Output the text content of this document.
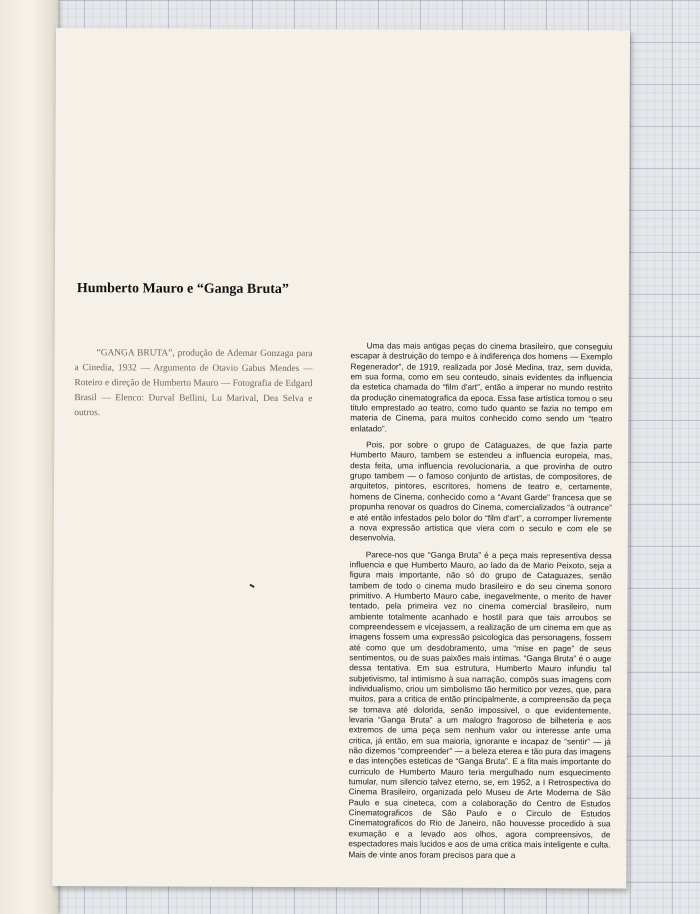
Humberto Mauro e “Ganga Bruta”

“GANGA BRUTA”, produção de Ademar Gonzaga para a Cinedia, 1932 — Argumento de Otavio Gabus Mendes — Roteiro e direção de Humberto Mauro — Fotografia de Edgard Brasil — Elenco: Durval Bellini, Lu Marival, Dea Selva e outros.

Uma das mais antigas peças do cinema brasileiro, que conseguiu escapar à destruição do tempo e à indiferença dos homens — Exemplo Regenerador”, de 1919, realizada por José Medina, traz, sem duvida, em sua forma, como em seu conteudo, sinais evidentes da influencia da estetica chamada do “film d'art”, então a imperar no mundo restrito da produção cinematografica da epoca. Essa fase artistica tomou o seu titulo emprestado ao teatro, como tudo quanto se fazia no tempo em materia de Cinema, para muitos conhecido como sendo um “teatro enlatado”.

Pois, por sobre o grupo de Cataguazes, de que fazia parte Humberto Mauro, tambem se estendeu a influencia europeia, mas, desta feita, uma influencia revolucionaria, a que provinha de outro grupo tambem — o famoso conjunto de artistas, de compositores, de arquitetos, pintores, escritores, homens de teatro e, certamente, homens de Cinema, conhecido como a “Avant Garde” francesa que se propunha renovar os quadros do Cinema, comercializados “à outrance” e até então infestados pelo bolor do “film d'art”, a corromper livremente a nova expressão artistica que viera com o seculo e com ele se desenvolvia.

Parece-nos que “Ganga Bruta” é a peça mais representiva dessa influencia e que Humberto Mauro, ao lado da de Mario Peixoto, seja a figura mais importante, não só do grupo de Cataguazes, senão tambem de todo o cinema mudo brasileiro e do seu cinema sonoro primitivo. A Humberto Mauro cabe, inegavelmente, o merito de haver tentado, pela primeira vez no cinema comercial brasileiro, num ambiente totalmente acanhado e hostil para que tais arroubos se compreendessem e vicejassem, a realização de um cinema em que as imagens fossem uma expressão psicologica das personagens, fossem até como que um desdobramento, uma “mise en page” de seus sentimentos, ou de suas paixões mais intimas. “Ganga Bruta” é o auge dessa tentativa. Em sua estrutura, Humberto Mauro infundiu tal subjetivismo, tal intimismo à sua narração, compôs suas imagens com individualismo, criou um simbolismo tão hermitico por vezes, que, para muitos, para a critica de então principalmente, a compreensão da peça se tornava até dolorida, senão impossivel, o que evidentemente, levaria “Ganga Bruta” a um malogro fragoroso de bilheteria e aos extremos de uma peça sem nenhum valor ou interesse ante uma critica, já então, em sua maioria, ignorante e incapaz de “sentir” — já não dizemos “compreender” — a beleza eterea e tão pura das imagens e das intenções esteticas de “Ganga Bruta”. E a fita mais importante do curriculo de Humberto Mauro teria mergulhado num esquecimento tumular, num silencio talvez eterno, se, em 1952, a I Retrospectiva do Cinema Brasileiro, organizada pelo Museu de Arte Moderna de São Paulo e sua cineteca, com a colaboração do Centro de Estudos Cinematograficos de São Paulo e o Circulo de Estudos Cinematograficos do Rio de Janeiro, não houvesse procedido à sua exumação e a levado aos olhos, agora compreensivos, de espectadores mais lucidos e aos de uma critica mais inteligente e culta. Mais de vinte anos foram precisos para que a
